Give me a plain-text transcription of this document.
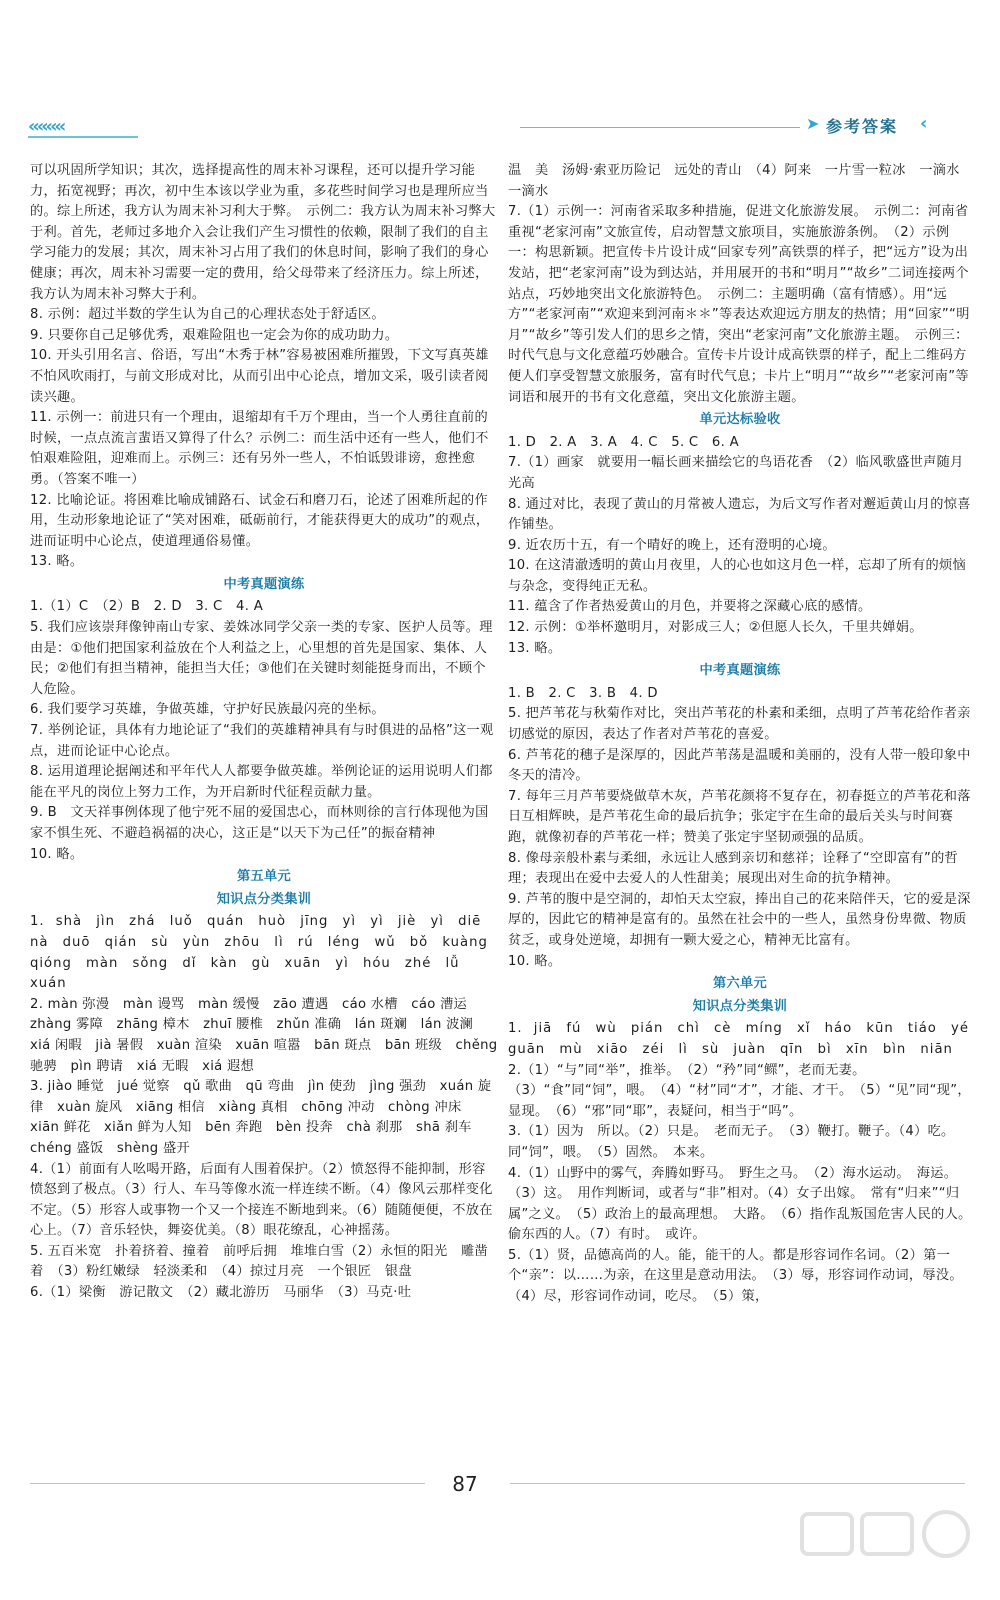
‹‹‹‹‹‹‹‹	➤ 参考答案 ‹

可以巩固所学知识；其次，选择提高性的周末补习课程，还可以提升学习能力，拓宽视野；再次，初中生本该以学业为重，多花些时间学习也是理所应当的。综上所述，我方认为周末补习利大于弊。　示例二：我方认为周末补习弊大于利。首先，老师过多地介入会让我们产生习惯性的依赖，限制了我们的自主学习能力的发展；其次，周末补习占用了我们的休息时间，影响了我们的身心健康；再次，周末补习需要一定的费用，给父母带来了经济压力。综上所述，我方认为周末补习弊大于利。

8. 示例：超过半数的学生认为自己的心理状态处于舒适区。

9. 只要你自己足够优秀，艰难险阻也一定会为你的成功助力。

10. 开头引用名言、俗语，写出“木秀于林”容易被困难所摧毁，下文写真英雄不怕风吹雨打，与前文形成对比，从而引出中心论点，增加文采，吸引读者阅读兴趣。

11. 示例一：前进只有一个理由，退缩却有千万个理由，当一个人勇往直前的时候，一点点流言蜚语又算得了什么？示例二：而生活中还有一些人，他们不怕艰难险阻，迎难而上。示例三：还有另外一些人，不怕诋毁诽谤，愈挫愈勇。（答案不唯一）

12. 比喻论证。将困难比喻成铺路石、试金石和磨刀石，论述了困难所起的作用，生动形象地论证了“笑对困难，砥砺前行，才能获得更大的成功”的观点，进而证明中心论点，使道理通俗易懂。

13. 略。

中考真题演练

1.（1）C　（2）B　2. D　3. C　4. A

5. 我们应该崇拜像钟南山专家、姜姝冰同学父亲一类的专家、医护人员等。理由是：①他们把国家利益放在个人利益之上，心里想的首先是国家、集体、人民；②他们有担当精神，能担当大任；③他们在关键时刻能挺身而出，不顾个人危险。

6. 我们要学习英雄，争做英雄，守护好民族最闪亮的坐标。

7. 举例论证，具体有力地论证了“我们的英雄精神具有与时俱进的品格”这一观点，进而论证中心论点。

8. 运用道理论据阐述和平年代人人都要争做英雄。举例论证的运用说明人们都能在平凡的岗位上努力工作，为开启新时代征程贡献力量。

9. B　文天祥事例体现了他宁死不屈的爱国忠心，而林则徐的言行体现他为国家不惧生死、不避趋祸福的决心，这正是“以天下为己任”的振奋精神

10. 略。

第五单元

知识点分类集训

1. shà　jìn　zhá　luǒ　quán　huò　jīng　yì　yì　jiè　yì　diē　nà　duō　qián　sù　yùn　zhōu　lì　rú　léng　wǔ　bǒ　kuàng　qióng　màn　sǒng　dǐ　kàn　gù　xuān　yì　hóu　zhé　lǚ　xuán

2. màn 弥漫　màn 谩骂　màn 缓慢　zāo 遭遇　cáo 水槽　cáo 漕运　zhàng 雾障　zhāng 樟木　zhuī 腰椎　zhǔn 准确　lán 斑斓　lán 波澜　xiá 闲暇　jià 暑假　xuàn 渲染　xuān 喧嚣　bān 斑点　bān 班级　chěng 驰骋　pìn 聘请　xiá 无暇　xiá 遐想

3. jiào 睡觉　jué 觉察　qǔ 歌曲　qū 弯曲　jìn 使劲　jìng 强劲　xuán 旋律　xuàn 旋风　xiāng 相信　xiàng 真相　chōng 冲动　chòng 冲床　xiān 鲜花　xiǎn 鲜为人知　bēn 奔跑　bèn 投奔　chà 刹那　shā 刹车　chéng 盛饭　shèng 盛开

4.（1）前面有人吆喝开路，后面有人围着保护。（2）愤怒得不能抑制，形容愤怒到了极点。（3）行人、车马等像水流一样连续不断。（4）像风云那样变化不定。（5）形容人或事物一个又一个接连不断地到来。（6）随随便便，不放在心上。（7）音乐轻快，舞姿优美。（8）眼花缭乱，心神摇荡。

5. 五百米宽　扑着挤着、撞着　前呼后拥　堆堆白雪（2）永恒的阳光　雕凿着　（3）粉红嫩绿　轻淡柔和　（4）掠过月亮　一个银匠　银盘

6.（1）梁衡　游记散文　（2）藏北游历　马丽华　（3）马克·吐

温　美　汤姆·索亚历险记　远处的青山　（4）阿来　一片雪一粒冰　一滴水　一滴水

7.（1）示例一：河南省采取多种措施，促进文化旅游发展。　示例二：河南省重视“老家河南”文旅宣传，启动智慧文旅项目，实施旅游条例。　（2）示例一：构思新颖。把宣传卡片设计成“回家专列”高铁票的样子，把“远方”设为出发站，把“老家河南”设为到达站，并用展开的书和“明月”“故乡”二词连接两个站点，巧妙地突出文化旅游特色。　示例二：主题明确（富有情感）。用“远方”“老家河南”“欢迎来到河南＊＊”等表达欢迎远方朋友的热情；用“回家”“明月”“故乡”等引发人们的思乡之情，突出“老家河南”文化旅游主题。　示例三：时代气息与文化意蕴巧妙融合。宣传卡片设计成高铁票的样子，配上二维码方便人们享受智慧文旅服务，富有时代气息；卡片上“明月”“故乡”“老家河南”等词语和展开的书有文化意蕴，突出文化旅游主题。

单元达标验收

1. D　2. A　3. A　4. C　5. C　6. A

7.（1）画家　就要用一幅长画来描绘它的鸟语花香　（2）临风歌盛世声随月光高

8. 通过对比，表现了黄山的月常被人遗忘，为后文写作者对邂逅黄山月的惊喜作铺垫。

9. 近农历十五，有一个晴好的晚上，还有澄明的心境。

10. 在这清澈透明的黄山月夜里，人的心也如这月色一样，忘却了所有的烦恼与杂念，变得纯正无私。

11. 蕴含了作者热爱黄山的月色，并要将之深藏心底的感情。

12. 示例：①举杯邀明月，对影成三人；②但愿人长久，千里共婵娟。

13. 略。

中考真题演练

1. B　2. C　3. B　4. D

5. 把芦苇花与秋菊作对比，突出芦苇花的朴素和柔细，点明了芦苇花给作者亲切感觉的原因，表达了作者对芦苇花的喜爱。

6. 芦苇花的穗子是深厚的，因此芦苇荡是温暖和美丽的，没有人带一般印象中冬天的清冷。

7. 每年三月芦苇要烧做草木灰，芦苇花颜将不复存在，初春挺立的芦苇花和落日互相辉映，是芦苇花生命的最后抗争；张定宇在生命的最后关头与时间赛跑，就像初春的芦苇花一样；赞美了张定宇坚韧顽强的品质。

8. 像母亲般朴素与柔细，永远让人感到亲切和慈祥；诠释了“空即富有”的哲理；表现出在爱中去爱人的人性甜美；展现出对生命的抗争精神。

9. 芦苇的腹中是空洞的，却怕天太空寂，捧出自己的花来陪伴天，它的爱是深厚的，因此它的精神是富有的。虽然在社会中的一些人，虽然身份卑微、物质贫乏，或身处逆境，却拥有一颗大爱之心，精神无比富有。

10. 略。

第六单元

知识点分类集训

1. jiā　fú　wù　pián　chì　cè　míng　xǐ　háo　kūn　tiáo　yé　guān　mù　xiāo　zéi　lì　sù　juàn　qīn　bì　xīn　bìn　niān

2.（1）“与”同“举”，推举。　（2）“矜”同“鳏”，老而无妻。（3）“食”同“饲”，喂。　（4）“材”同“才”，才能、才干。　（5）“见”同“现”，显现。　（6）“邪”同“耶”，表疑问，相当于“吗”。

3.（1）因为　所以。（2）只是。　老而无子。　（3）鞭打。鞭子。（4）吃。　同“饲”，喂。　（5）固然。　本来。

4.（1）山野中的雾气，奔腾如野马。　野生之马。　（2）海水运动。　海运。　（3）这。　用作判断词，或者与“非”相对。（4）女子出嫁。　常有“归来”“归属”之义。　（5）政治上的最高理想。　大路。　（6）指作乱叛国危害人民的人。　偷东西的人。（7）有时。　或许。

5.（1）贤，品德高尚的人。能，能干的人。都是形容词作名词。（2）第一个“亲”：以……为亲，在这里是意动用法。　（3）辱，形容词作动词，辱没。　（4）尽，形容词作动词，吃尽。　（5）策，

87
